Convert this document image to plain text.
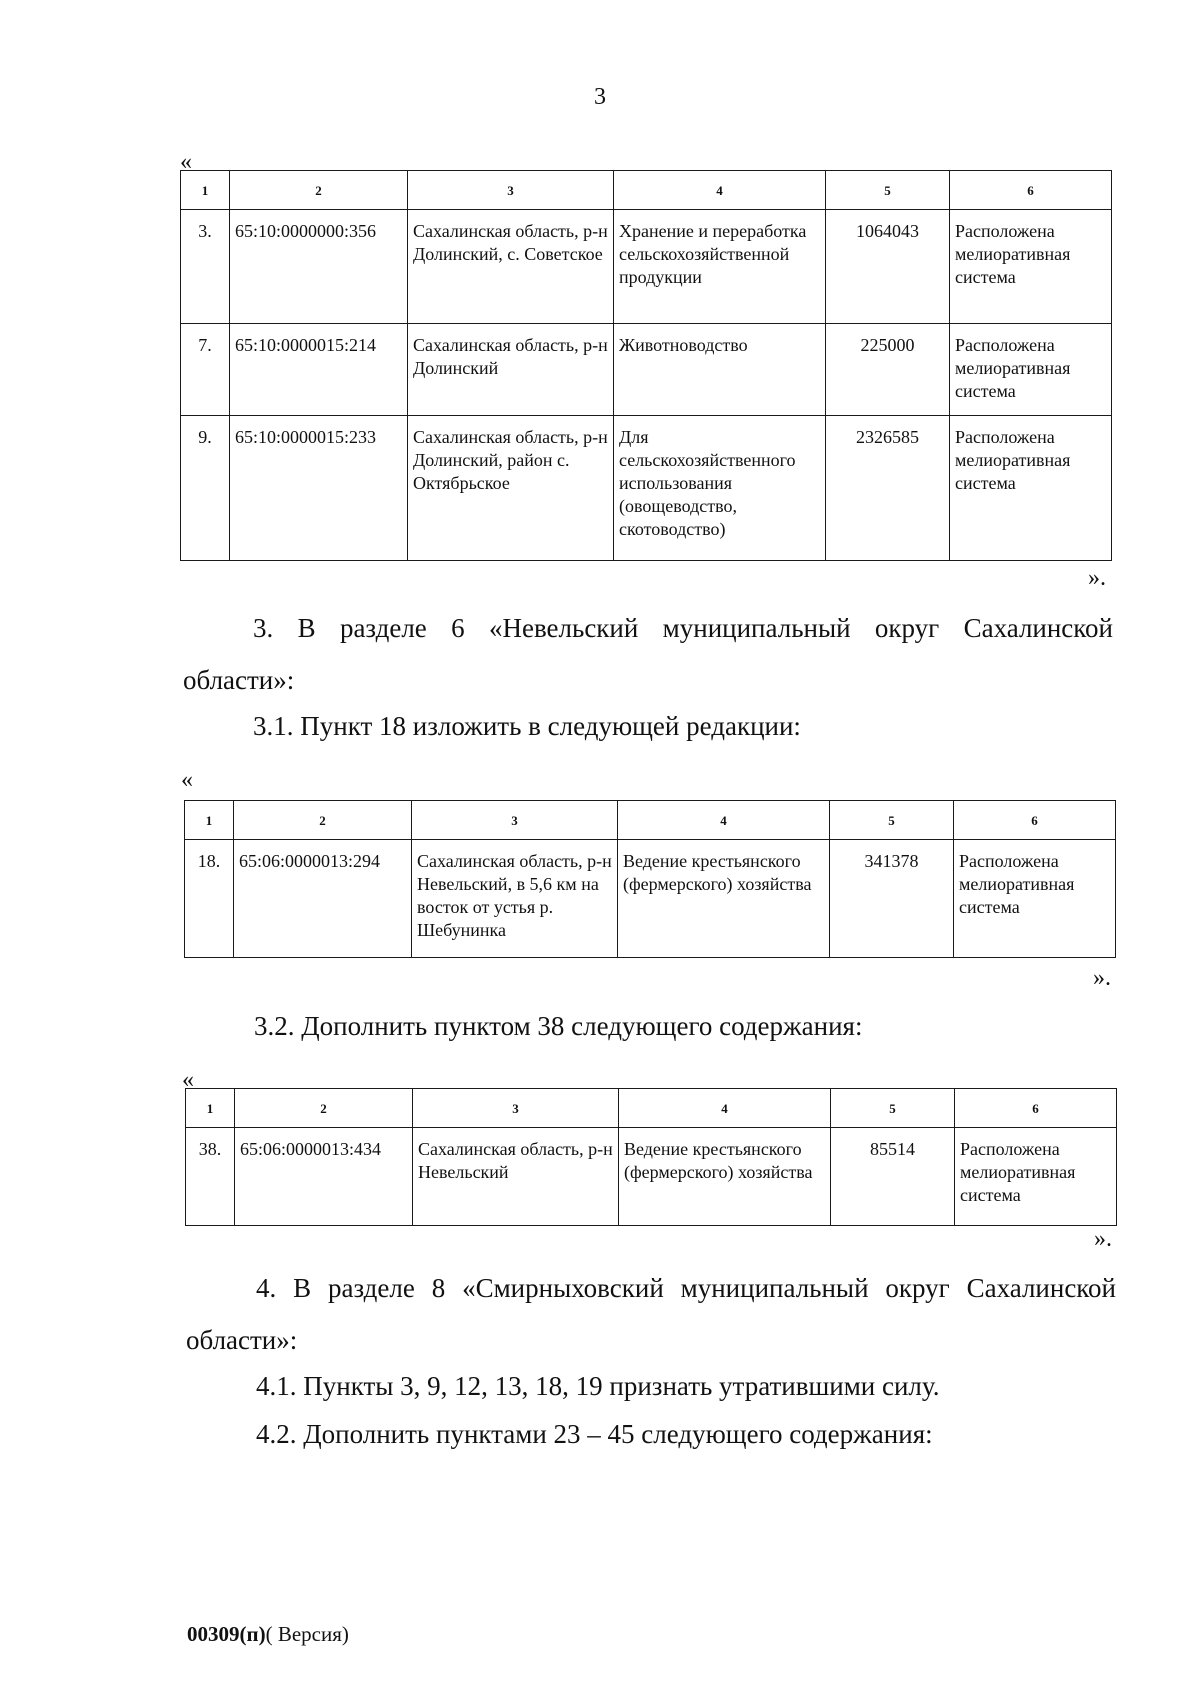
3
«
1	2	3	4	5	6
3.	65:10:0000000:356	Сахалинская область, р-н Долинский, с. Советское	Хранение и переработка сельскохозяйственной продукции	1064043	Расположена мелиоративная система
7.	65:10:0000015:214	Сахалинская область, р-н Долинский	Животноводство	225000	Расположена мелиоративная система
9.	65:10:0000015:233	Сахалинская область, р-н Долинский, район с. Октябрьское	Для сельскохозяйственного использования (овощеводство, скотоводство)	2326585	Расположена мелиоративная система
».
3. В разделе 6 «Невельский муниципальный округ Сахалинской
области»:
3.1. Пункт 18 изложить в следующей редакции:
«
1	2	3	4	5	6
18.	65:06:0000013:294	Сахалинская область, р-н Невельский, в 5,6 км на восток от устья р. Шебунинка	Ведение крестьянского (фермерского) хозяйства	341378	Расположена мелиоративная система
».
3.2. Дополнить пунктом 38 следующего содержания:
«
1	2	3	4	5	6
38.	65:06:0000013:434	Сахалинская область, р-н Невельский	Ведение крестьянского (фермерского) хозяйства	85514	Расположена мелиоративная система
».
4. В разделе 8 «Смирныховский муниципальный округ Сахалинской
области»:
4.1. Пункты 3, 9, 12, 13, 18, 19 признать утратившими силу.
4.2. Дополнить пунктами 23 – 45 следующего содержания:
00309(п)( Версия)
